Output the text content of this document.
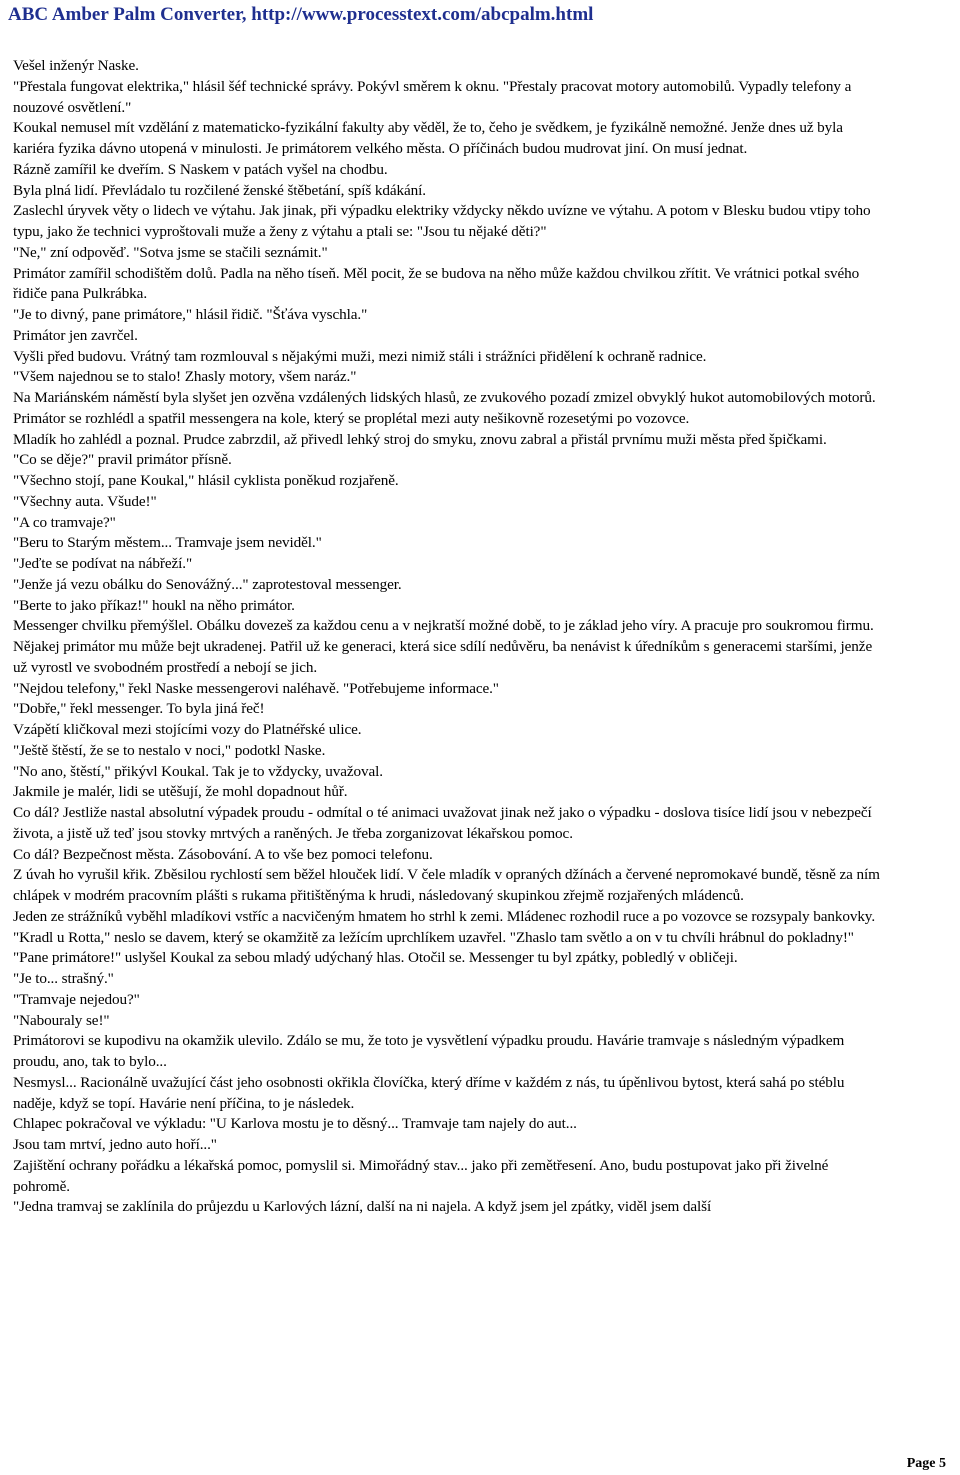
ABC Amber Palm Converter, http://www.processtext.com/abcpalm.html

Vešel inženýr Naske.

"Přestala fungovat elektrika," hlásil šéf technické správy. Pokývl směrem k oknu. "Přestaly pracovat motory automobilů. Vypadly telefony a nouzové osvětlení."

Koukal nemusel mít vzdělání z matematicko-fyzikální fakulty aby věděl, že to, čeho je svědkem, je fyzikálně nemožné. Jenže dnes už byla kariéra fyzika dávno utopená v minulosti. Je primátorem velkého města. O příčinách budou mudrovat jiní. On musí jednat.

Rázně zamířil ke dveřím. S Naskem v patách vyšel na chodbu.

Byla plná lidí. Převládalo tu rozčilené ženské štěbetání, spíš kdákání.

Zaslechl úryvek věty o lidech ve výtahu. Jak jinak, při výpadku elektriky vždycky někdo uvízne ve výtahu. A potom v Blesku budou vtipy toho typu, jako že technici vyproštovali muže a ženy z výtahu a ptali se: "Jsou tu nějaké děti?"

"Ne," zní odpověď. "Sotva jsme se stačili seznámit."

Primátor zamířil schodištěm dolů. Padla na něho tíseň. Měl pocit, že se budova na něho může každou chvilkou zřítit. Ve vrátnici potkal svého řidiče pana Pulkrábka.

"Je to divný, pane primátore," hlásil řidič. "Šťáva vyschla."

Primátor jen zavrčel.

Vyšli před budovu. Vrátný tam rozmlouval s nějakými muži, mezi nimiž stáli i strážníci přidělení k ochraně radnice.

"Všem najednou se to stalo! Zhasly motory, všem naráz."

Na Mariánském náměstí byla slyšet jen ozvěna vzdálených lidských hlasů, ze zvukového pozadí zmizel obvyklý hukot automobilových motorů.

Primátor se rozhlédl a spatřil messengera na kole, který se proplétal mezi auty nešikovně rozesetými po vozovce.

Mladík ho zahlédl a poznal. Prudce zabrzdil, až přivedl lehký stroj do smyku, znovu zabral a přistál prvnímu muži města před špičkami.

"Co se děje?" pravil primátor přísně.

"Všechno stojí, pane Koukal," hlásil cyklista poněkud rozjařeně.

"Všechny auta. Všude!"

"A co tramvaje?"

"Beru to Starým městem... Tramvaje jsem neviděl."

"Jeďte se podívat na nábřeží."

"Jenže já vezu obálku do Senovážný..." zaprotestoval messenger.

"Berte to jako příkaz!" houkl na něho primátor.

Messenger chvilku přemýšlel. Obálku dovezeš za každou cenu a v nejkratší možné době, to je základ jeho víry. A pracuje pro soukromou firmu. Nějakej primátor mu může bejt ukradenej. Patřil už ke generaci, která sice sdílí nedůvěru, ba nenávist k úředníkům s generacemi staršími, jenže už vyrostl ve svobodném prostředí a nebojí se jich.

"Nejdou telefony," řekl Naske messengerovi naléhavě. "Potřebujeme informace."

"Dobře," řekl messenger. To byla jiná řeč!

Vzápětí kličkoval mezi stojícími vozy do Platnéřské ulice.

"Ještě štěstí, že se to nestalo v noci," podotkl Naske.

"No ano, štěstí," přikývl Koukal. Tak je to vždycky, uvažoval.

Jakmile je malér, lidi se utěšují, že mohl dopadnout hůř.

Co dál? Jestliže nastal absolutní výpadek proudu - odmítal o té animaci uvažovat jinak než jako o výpadku - doslova tisíce lidí jsou v nebezpečí života, a jistě už teď jsou stovky mrtvých a raněných. Je třeba zorganizovat lékařskou pomoc.

Co dál? Bezpečnost města. Zásobování. A to vše bez pomoci telefonu.

Z úvah ho vyrušil křik. Zběsilou rychlostí sem běžel hlouček lidí. V čele mladík v opraných džínách a červené nepromokavé bundě, těsně za ním chlápek v modrém pracovním plášti s rukama přitištěnýma k hrudi, následovaný skupinkou zřejmě rozjařených mládenců.

Jeden ze strážníků vyběhl mladíkovi vstříc a nacvičeným hmatem ho strhl k zemi. Mládenec rozhodil ruce a po vozovce se rozsypaly bankovky.

"Kradl u Rotta," neslo se davem, který se okamžitě za ležícím uprchlíkem uzavřel. "Zhaslo tam světlo a on v tu chvíli hrábnul do pokladny!"

"Pane primátore!" uslyšel Koukal za sebou mladý udýchaný hlas. Otočil se. Messenger tu byl zpátky, pobledlý v obličeji.

"Je to... strašný."

"Tramvaje nejedou?"

"Nabouraly se!"

Primátorovi se kupodivu na okamžik ulevilo. Zdálo se mu, že toto je vysvětlení výpadku proudu. Havárie tramvaje s následným výpadkem proudu, ano, tak to bylo...

Nesmysl... Racionálně uvažující část jeho osobnosti okřikla človíčka, který dříme v každém z nás, tu úpěnlivou bytost, která sahá po stéblu naděje, když se topí. Havárie není příčina, to je následek.

Chlapec pokračoval ve výkladu: "U Karlova mostu je to děsný... Tramvaje tam najely do aut...

Jsou tam mrtví, jedno auto hoří..."

Zajištění ochrany pořádku a lékařská pomoc, pomyslil si. Mimořádný stav... jako při zemětřesení. Ano, budu postupovat jako při živelné pohromě.

"Jedna tramvaj se zaklínila do průjezdu u Karlových lázní, další na ni najela. A když jsem jel zpátky, viděl jsem další

Page 5
